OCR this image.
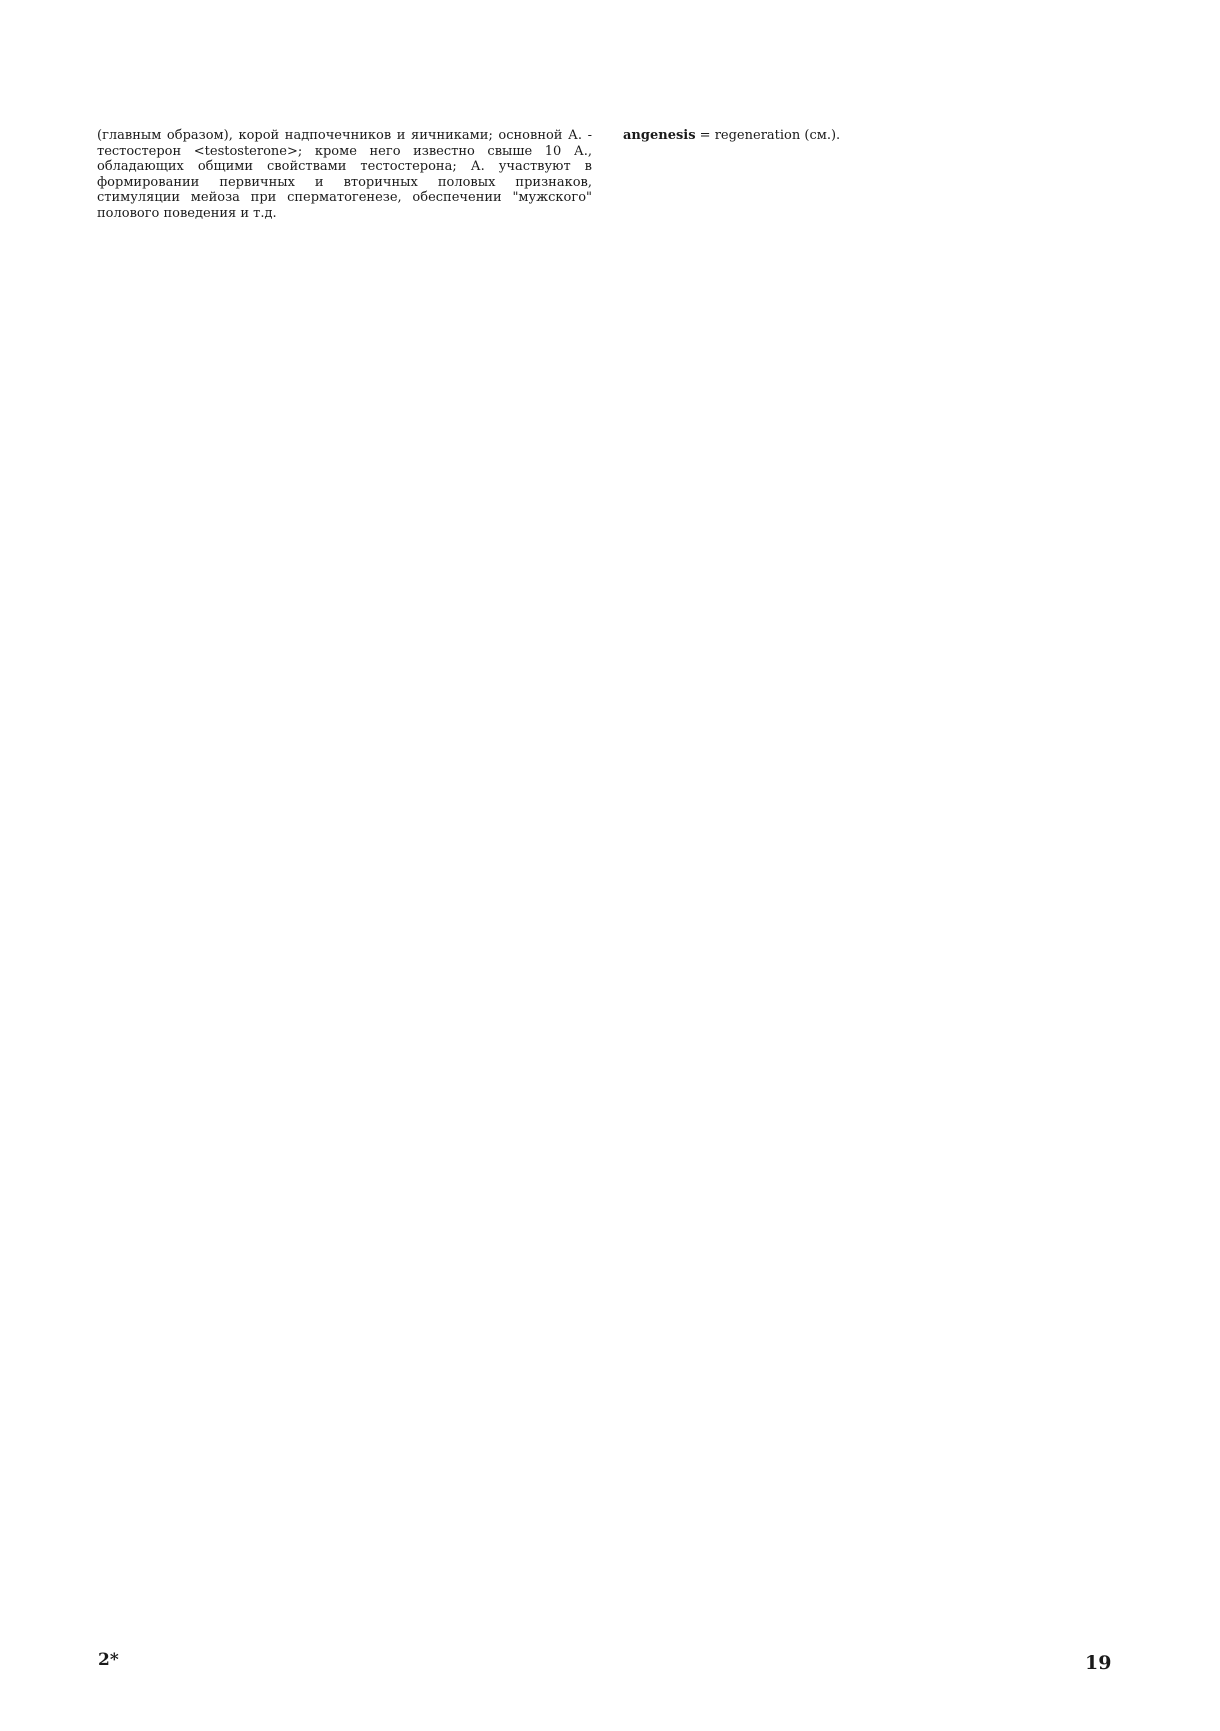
(главным образом), корой надпочечников и яичниками; основной А. - тестостерон <testosterone>; кроме него известно свыше 10 А., обладающих общими свойствами тестостерона; А. участвуют в формировании первичных и вторичных половых признаков, стимуляции мейоза при сперматогенезе, обеспечении "мужского" полового поведения и т.д.

angenesis = regeneration (см.).

2*	19
